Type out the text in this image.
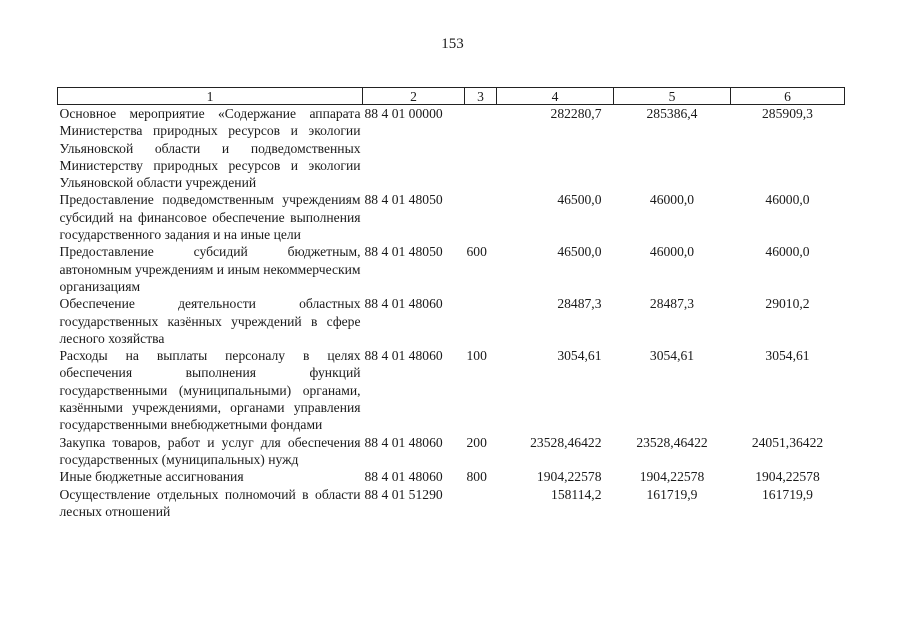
153
1	2	3	4	5	6
Основное мероприятие «Содержание аппарата Министерства природных ресурсов и экологии Ульяновской области и подведомственных Министерству природных ресурсов и экологии Ульяновской области учреждений	88 4 01 00000		282280,7	285386,4	285909,3
Предоставление подведомственным учреждениям субсидий на финансовое обеспечение выполнения государственного задания и на иные цели	88 4 01 48050		46500,0	46000,0	46000,0
Предоставление субсидий бюджетным, автономным учреждениям и иным некоммерческим организациям	88 4 01 48050	600	46500,0	46000,0	46000,0
Обеспечение деятельности областных государственных казённых учреждений в сфере лесного хозяйства	88 4 01 48060		28487,3	28487,3	29010,2
Расходы на выплаты персоналу в целях обеспечения выполнения функций государственными (муниципальными) органами, казёнными учреждениями, органами управления государственными внебюджетными фондами	88 4 01 48060	100	3054,61	3054,61	3054,61
Закупка товаров, работ и услуг для обеспечения государственных (муниципальных) нужд	88 4 01 48060	200	23528,46422	23528,46422	24051,36422
Иные бюджетные ассигнования	88 4 01 48060	800	1904,22578	1904,22578	1904,22578
Осуществление отдельных полномочий в области лесных отношений	88 4 01 51290		158114,2	161719,9	161719,9
